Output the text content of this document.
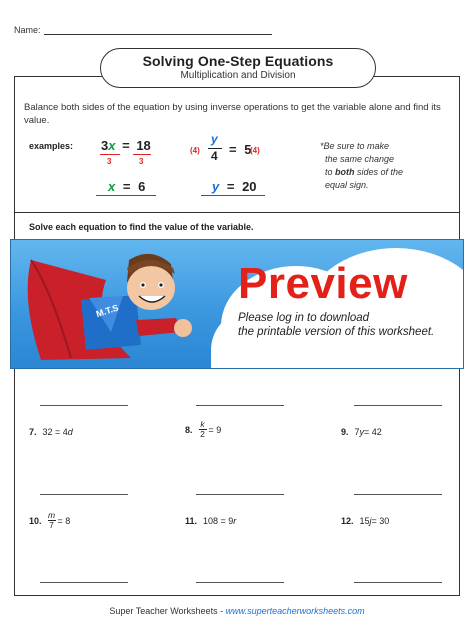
Name:
Solving One-Step Equations
Multiplication and Division
Balance both sides of the equation by using inverse operations to get the variable alone and find its value.
examples: 3x = 18
3	3
x = 6
(4)
y
4 = 5
(4)
y = 20
*Be sure to make
the same change
to both sides of the
equal sign.
Solve each equation to find the value of the variable.
M.T.S
Preview
Please log in to download
the printable version of this worksheet.
7. 32 = 4 d	8.
k
2 = 9	9. 7 y = 42
10.
m
7 = 8	11. 108 = 9 r	12. 15 j = 30
Super Teacher Worksheets - www.superteacherworksheets.com
